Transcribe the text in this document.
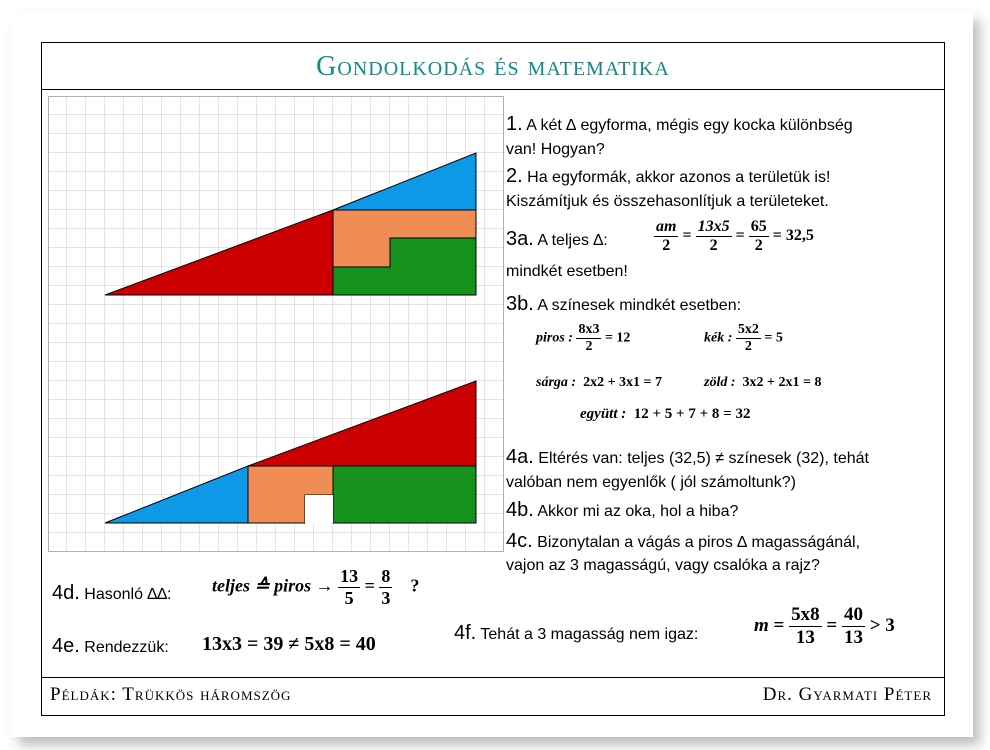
Gondolkodás és matematika
Példák: Trükkös háromszög	Dr. Gyarmati Péter
1. A két ∆ egyforma, mégis egy kocka különbség
van! Hogyan?
2. Ha egyformák, akkor azonos a területük is!
Kiszámítjuk és összehasonlítjuk a területeket.
3a. A teljes ∆:	$\frac{am}{2} = \frac{13x5}{2} = \frac{65}{2} = 32,5$
mindkét esetben!
3b. A színesek mindkét esetben:
piros : $\frac{8x3}{2} = 12$	kék : $\frac{5x2}{2} = 5$
sárga : 2x2 + 3x1 = 7	zöld : 3x2 + 2x1 = 8
együtt : 12 + 5 + 7 + 8 = 32
4a. Eltérés van: teljes (32,5) ≠ színesek (32), tehát
valóban nem egyenlők ( jól számoltunk?)
4b. Akkor mi az oka, hol a hiba?
4c. Bizonytalan a vágás a piros ∆ magasságánál,
vajon az 3 magasságú, vagy csalóka a rajz?
4d. Hasonló ∆∆: teljes ≙ piros → $\frac{13}{5} = \frac{8}{3}$ ?
4e. Rendezzük: 13x3 = 39 ≠ 5x8 = 40	4f. Tehát a 3 magasság nem igaz:	$m = \frac{5x8}{13} = \frac{40}{13} > 3$
